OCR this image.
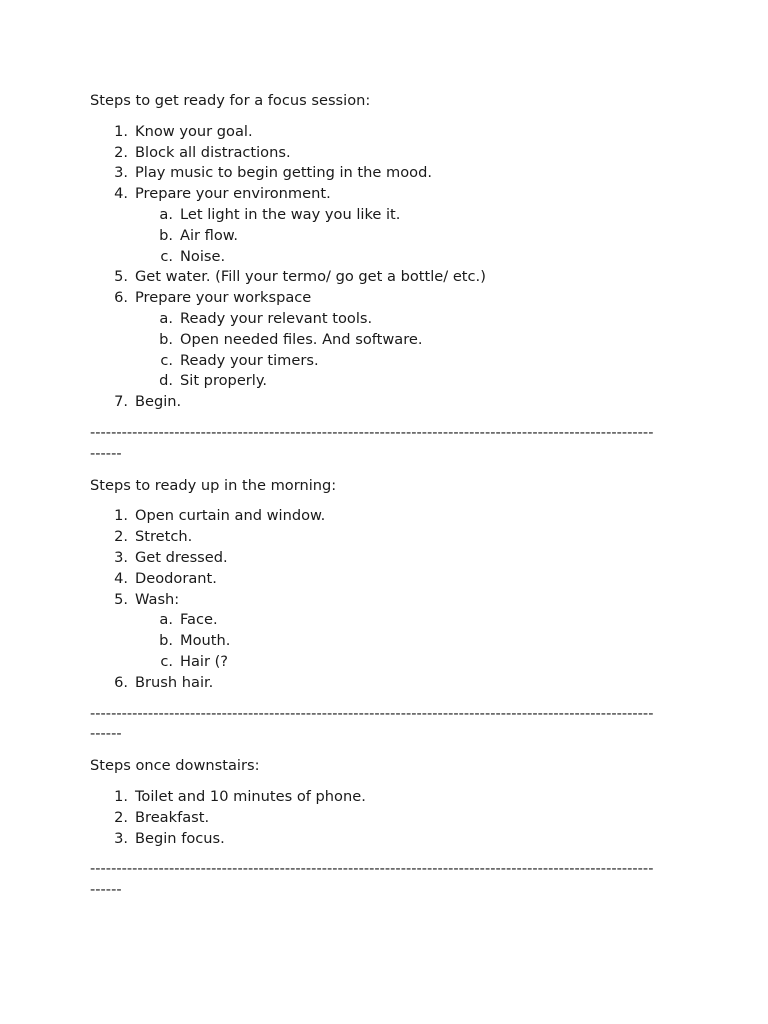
Steps to get ready for a focus session:

1. Know your goal.
2. Block all distractions.
3. Play music to begin getting in the mood.
4. Prepare your environment.
a. Let light in the way you like it.
b. Air flow.
c. Noise.
5. Get water. (Fill your termo/ go get a bottle/ etc.)
6. Prepare your workspace
a. Ready your relevant tools.
b. Open needed files. And software.
c. Ready your timers.
d. Sit properly.
7. Begin.
-----------------------------------------------------------------------------------------------------------
------

Steps to ready up in the morning:

1. Open curtain and window.
2. Stretch.
3. Get dressed.
4. Deodorant.
5. Wash:
a. Face.
b. Mouth.
c. Hair (?
6. Brush hair.
-----------------------------------------------------------------------------------------------------------
------

Steps once downstairs:

1. Toilet and 10 minutes of phone.
2. Breakfast.
3. Begin focus.
-----------------------------------------------------------------------------------------------------------
------
